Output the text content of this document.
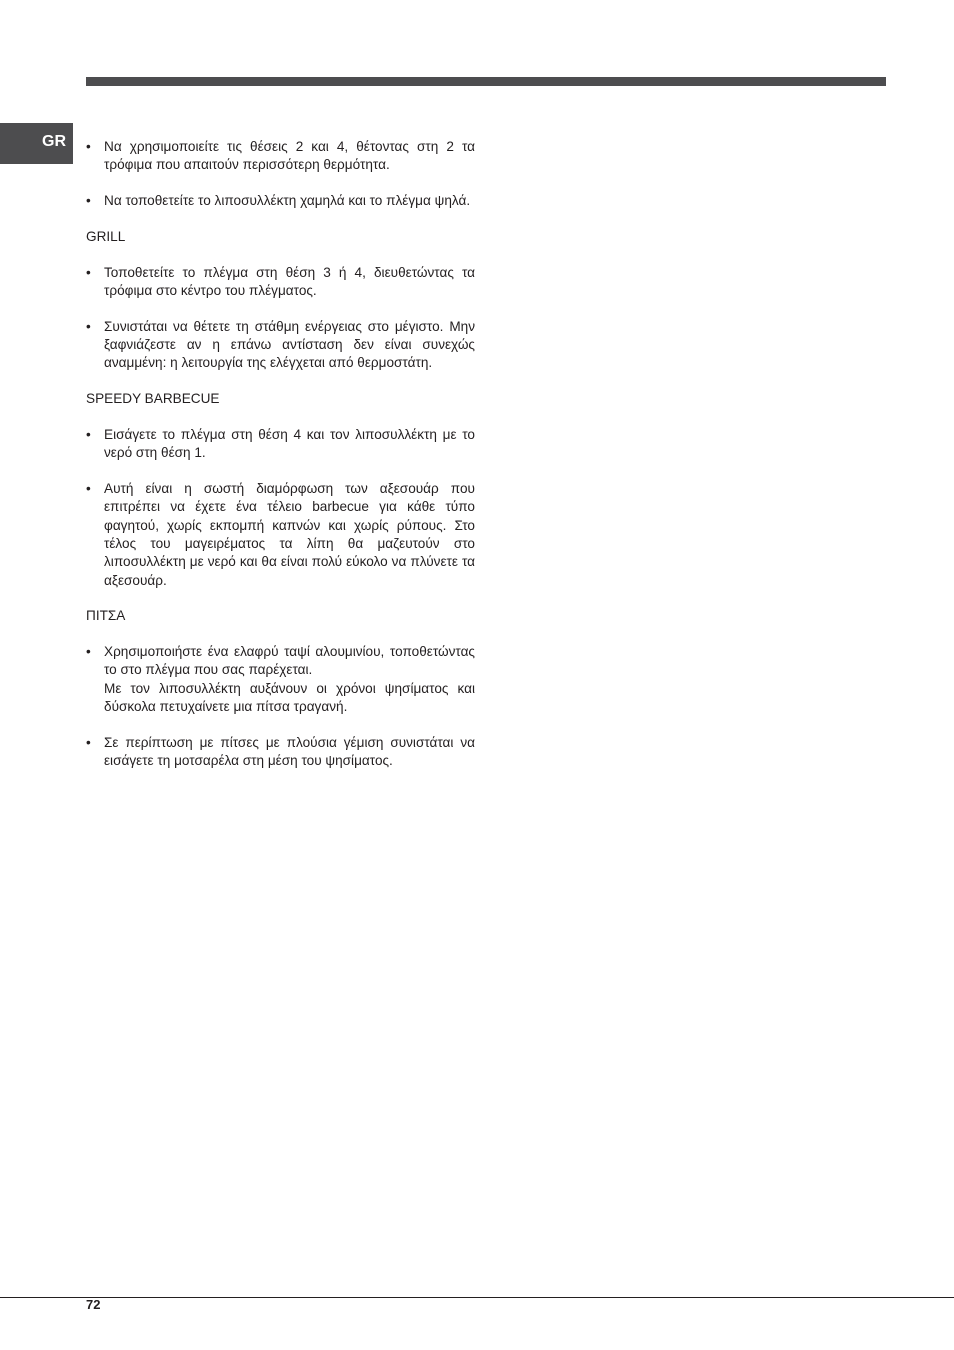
GR	• Να χρησιμοποιείτε τις θέσεις 2 και 4, θέτοντας στη 2 τα τρόφιμα που απαιτούν περισσότερη θερμότητα.

• Να τοποθετείτε το λιποσυλλέκτη χαμηλά και το πλέγμα ψηλά.

GRILL
• Τοποθετείτε το πλέγμα στη θέση 3 ή 4, διευθετώντας τα τρόφιμα στο κέντρο του πλέγματος.

• Συνιστάται να θέτετε τη στάθμη ενέργειας στο μέγιστο. Μην ξαφνιάζεστε αν η επάνω αντίσταση δεν είναι συνεχώς αναμμένη: η λειτουργία της ελέγχεται από θερμοστάτη.

SPEEDY BARBECUE
• Εισάγετε το πλέγμα στη θέση 4 και τον λιποσυλλέκτη με το νερό στη θέση 1.

• Αυτή είναι η σωστή διαμόρφωση των αξεσουάρ που επιτρέπει να έχετε ένα τέλειο barbecue για κάθε τύπο φαγητού, χωρίς εκπομπή καπνών και χωρίς ρύπους. Στο τέλος του μαγειρέματος τα λίπη θα μαζευτούν στο λιποσυλλέκτη με νερό και θα είναι πολύ εύκολο να πλύνετε τα αξεσουάρ.

ΠΙΤΣΑ
• Χρησιμοποιήστε ένα ελαφρύ ταψί αλουμινίου, τοποθετώντας το στο πλέγμα που σας παρέχεται.

Με τον λιποσυλλέκτη αυξάνουν οι χρόνοι ψησίματος και δύσκολα πετυχαίνετε μια πίτσα τραγανή.

• Σε περίπτωση με πίτσες με πλούσια γέμιση συνιστάται να εισάγετε τη μοτσαρέλα στη μέση του ψησίματος.

72
